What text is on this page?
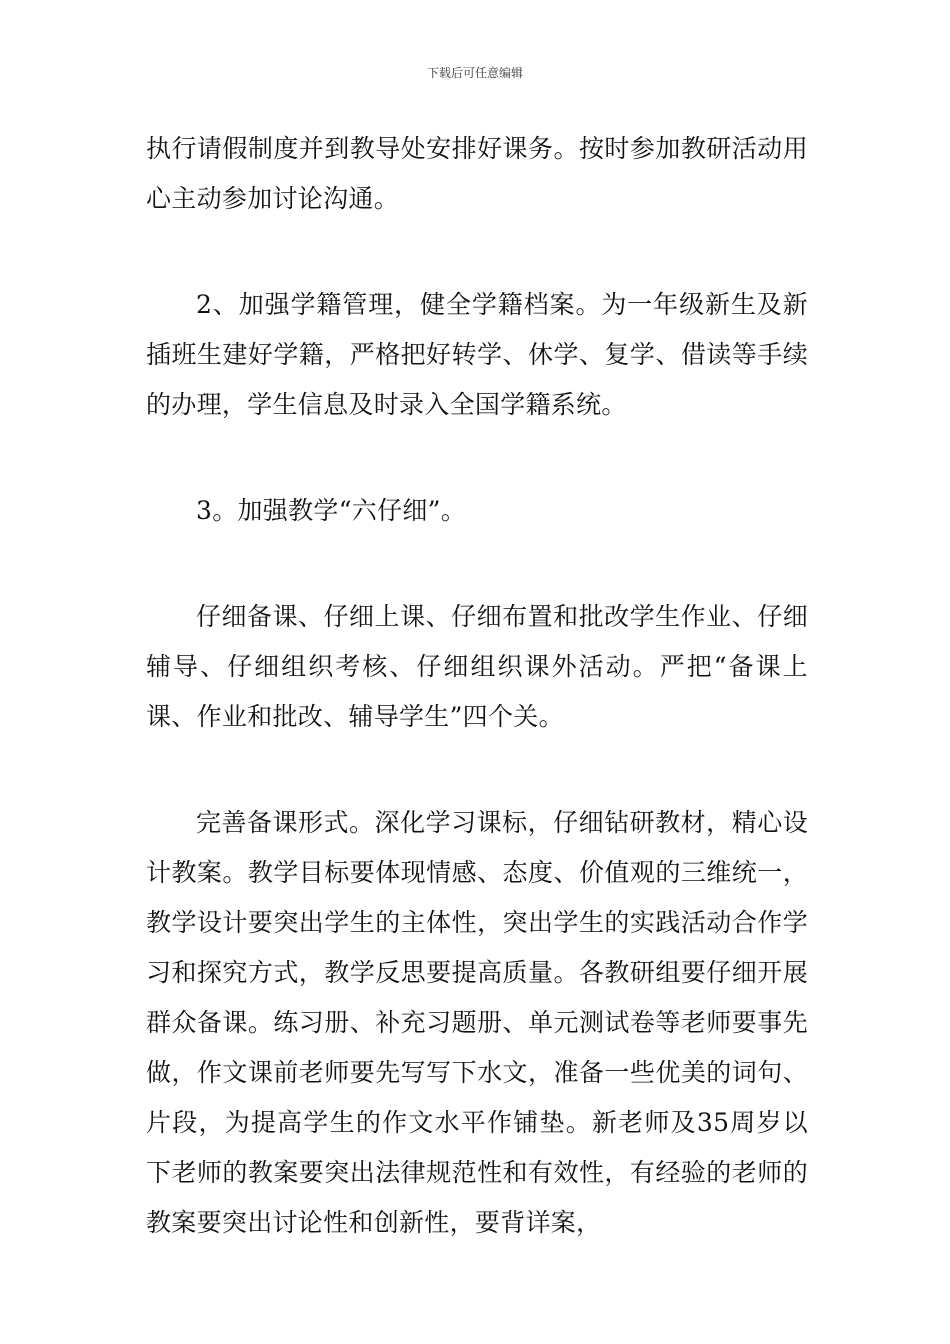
下载后可任意编辑

执行请假制度并到教导处安排好课务。按时参加教研活动用心主动参加讨论沟通。

2、加强学籍管理，健全学籍档案。为一年级新生及新插班生建好学籍，严格把好转学、休学、复学、借读等手续的办理，学生信息及时录入全国学籍系统。

3。加强教学“六仔细”。

仔细备课、仔细上课、仔细布置和批改学生作业、仔细辅导、仔细组织考核、仔细组织课外活动。严把“备课上课、作业和批改、辅导学生”四个关。

完善备课形式。深化学习课标，仔细钻研教材，精心设计教案。教学目标要体现情感、态度、价值观的三维统一，教学设计要突出学生的主体性，突出学生的实践活动合作学习和探究方式，教学反思要提高质量。各教研组要仔细开展群众备课。练习册、补充习题册、单元测试卷等老师要事先做，作文课前老师要先写写下水文，准备一些优美的词句、片段，为提高学生的作文水平作铺垫。新老师及35周岁以下老师的教案要突出法律规范性和有效性，有经验的老师的教案要突出讨论性和创新性，要背详案，
